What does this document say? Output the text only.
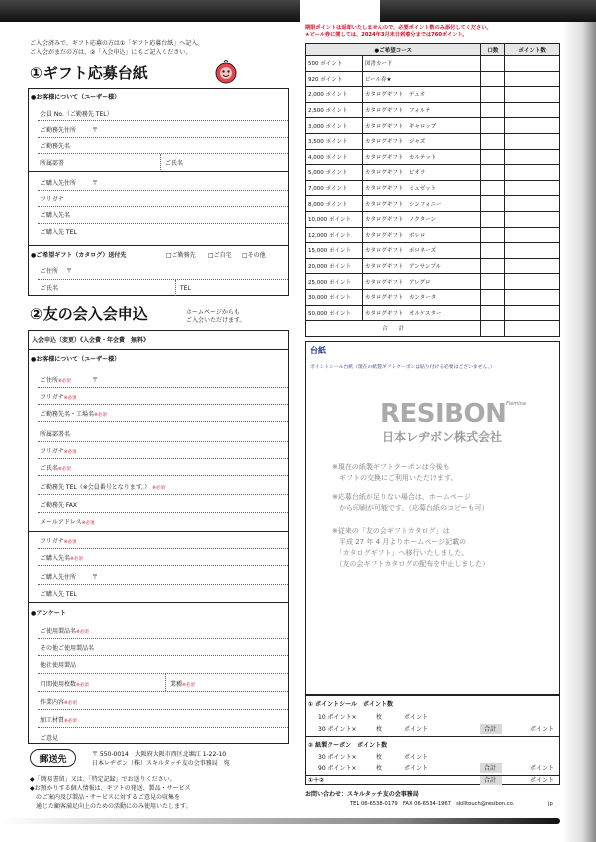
期限ポイントは返却いたしませんので、必要ポイント数のみ添付してください。
★ビール券に関しては、2024年3月末日到着分までは760ポイント。
ご入会済みで、ギフト応募の方は①「ギフト応募台紙」へ記入。
ご入会がまだの方は、②「入会申込」にもご記入ください。
①ギフト応募台紙
●お客様について（ユーザー様）
会員 No.（ご勤務先 TEL）
ご勤務先住所	〒
ご勤務先名
所属部署	ご氏名
ご購入先住所	〒
フリガナ
ご購入先名
ご購入先 TEL
●ご希望ギフト（カタログ）送付先	□ご勤務先 □ご自宅 □その他
ご住所 〒
ご氏名	TEL
②友の会入会申込	ホームページからも
ご入会いただけます。
入会申込（変更）《入会費・年会費　無料》
●お客様について（ユーザー様）
ご住所※必須	〒
フリガナ※必須
ご勤務先名・工場名※必須
所属部署名
フリガナ※必須
ご氏名※必須
ご勤務先 TEL（※会員番号となります。） ※必須
ご勤務先 FAX
メールアドレス※必須
フリガナ※必須
ご購入先名※必須
ご購入先住所	〒
ご購入先 TEL
●アンケート
ご使用製品名※必須
その他ご使用製品名
他社使用製品
月間使用枚数※必須	業種※必須
作業内容※必須
加工材質※必須
ご意見
郵送先	〒 550-0014　大阪府大阪市西区北堀江 1-22-10
日本レヂボン（株）スキルタッチ友の会事務局　宛
◆「簡易書留」又は、「特定記録」でお送りください。
◆お預かりする個人情報は、ギフトの発送、製品・サービス
　のご案内及び製品・サービスに対するご意見の収集を
　通じた顧客満足向上のための活動にのみ使用いたします。
●ご希望コース		口数	ポイント数
500 ポイント	図書カード		
920 ポイント	ビール券★		
2,000 ポイント	カタログギフト　デュオ		
2,500 ポイント	カタログギフト　フォルテ		
3,000 ポイント	カタログギフト　ギャロップ		
3,500 ポイント	カタログギフト　ジャズ		
4,000 ポイント	カタログギフト　カルテット		
5,000 ポイント	カタログギフト　ビオラ		
7,000 ポイント	カタログギフト　ミュゼット		
8,000 ポイント	カタログギフト　シンフォニー		
10,000 ポイント	カタログギフト　ノクターン		
12,000 ポイント	カタログギフト　ボレロ		
15,000 ポイント	カタログギフト　ポロネーズ		
20,000 ポイント	カタログギフト　アンサンブル		
25,000 ポイント	カタログギフト　アレグロ		
30,000 ポイント	カタログギフト　カンタータ		
50,000 ポイント	カタログギフト　オルケスター		
合　　計			
台紙
ポイントシール台紙（現在の紙製ギフトクーポンは貼り付ける必要はございません。）
RESIBON Flemina
日本レヂボン株式会社
※現在の紙製ギフトクーポンは今後も
　ギフトの交換にご利用いただけます。
※応募台紙が足りない場合は、ホームページ
　から印刷が可能です。（応募台紙のコピーも可）
※従来の「友の会ギフトカタログ」は
　平成 27 年 4 月よりホームページ記載の
　「カタログギフト」へ移行いたしました。
　（友の会ギフトカタログの配布を中止しました）
① ポイントシール　ポイント数
10 ポイント×	枚	ポイント
30 ポイント×	枚	ポイント	合計	ポイント
② 紙製クーポン　ポイント数
30 ポイント×	枚	ポイント
90 ポイント×	枚	ポイント	合計	ポイント
①＋②	合計	ポイント
お問い合わせ：スキルタッチ友の会事務局
TEL 06-6538-0179　FAX 06-6534-1967　skilltouch@resibon.co.	jp
